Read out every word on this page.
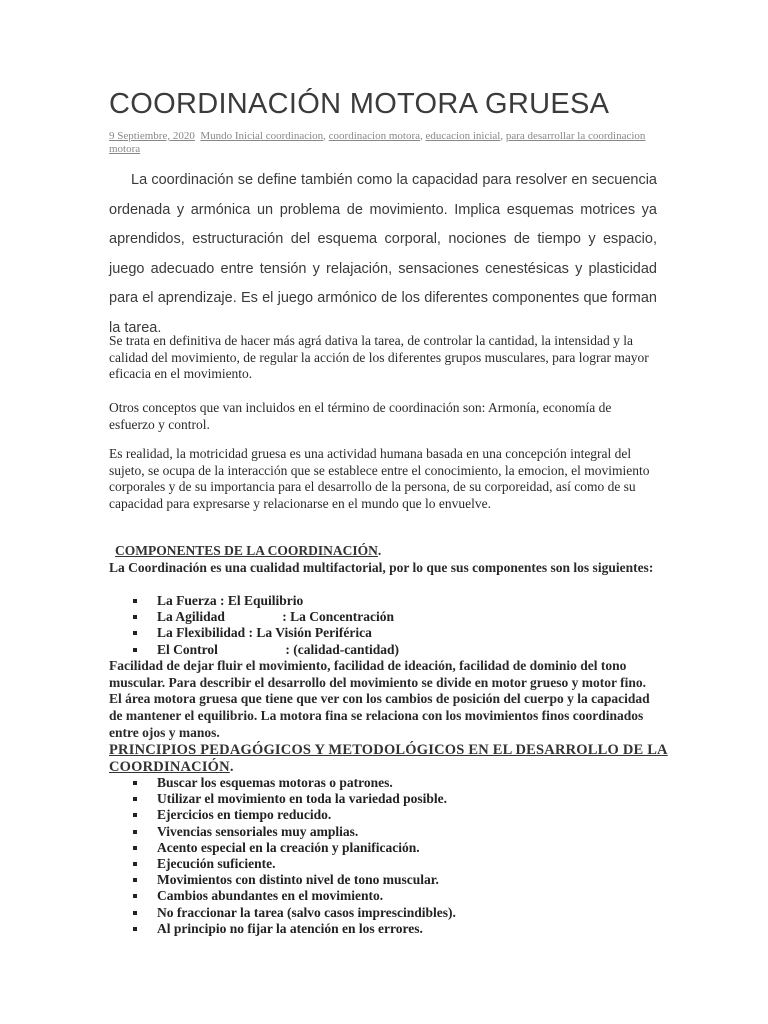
COORDINACIÓN MOTORA GRUESA
9 Septiembre, 2020 Mundo Inicial coordinacion, coordinacion motora, educacion inicial, para desarrollar la coordinacion motora

La coordinación se define también como la capacidad para resolver en secuencia ordenada y armónica un problema de movimiento. Implica esquemas motrices ya aprendidos, estructuración del esquema corporal, nociones de tiempo y espacio, juego adecuado entre tensión y relajación, sensaciones cenestésicas y plasticidad para el aprendizaje. Es el juego armónico de los diferentes componentes que forman la tarea.

Se trata en definitiva de hacer más agrá dativa la tarea, de controlar la cantidad, la intensidad y la calidad del movimiento, de regular la acción de los diferentes grupos musculares, para lograr mayor eficacia en el movimiento.

Otros conceptos que van incluidos en el término de coordinación son: Armonía, economía de esfuerzo y control.

Es realidad, la motricidad gruesa es una actividad humana basada en una concepción integral del sujeto, se ocupa de la interacción que se establece entre el conocimiento, la emocion, el movimiento corporales y de su importancia para el desarrollo de la persona, de su corporeidad, así como de su capacidad para expresarse y relacionarse en el mundo que lo envuelve.

COMPONENTES DE LA COORDINACIÓN.

La Coordinación es una cualidad multifactorial, por lo que sus componentes son los siguientes:

La Fuerza : El Equilibrio
La Agilidad                 : La Concentración
La Flexibilidad : La Visión Periférica
El Control                    : (calidad-cantidad)

Facilidad de dejar fluir el movimiento, facilidad de ideación, facilidad de dominio del tono muscular. Para describir el desarrollo del movimiento se divide en motor grueso y motor fino. El área motora gruesa que tiene que ver con los cambios de posición del cuerpo y la capacidad de mantener el equilibrio. La motora fina se relaciona con los movimientos finos coordinados entre ojos y manos.

PRINCIPIOS PEDAGÓGICOS Y METODOLÓGICOS EN EL DESARROLLO DE LA COORDINACIÓN.

Buscar los esquemas motoras o patrones.
Utilizar el movimiento en toda la variedad posible.
Ejercicios en tiempo reducido.
Vivencias sensoriales muy amplias.
Acento especial en la creación y planificación.
Ejecución suficiente.
Movimientos con distinto nivel de tono muscular.
Cambios abundantes en el movimiento.
No fraccionar la tarea (salvo casos imprescindibles).
Al principio no fijar la atención en los errores.
